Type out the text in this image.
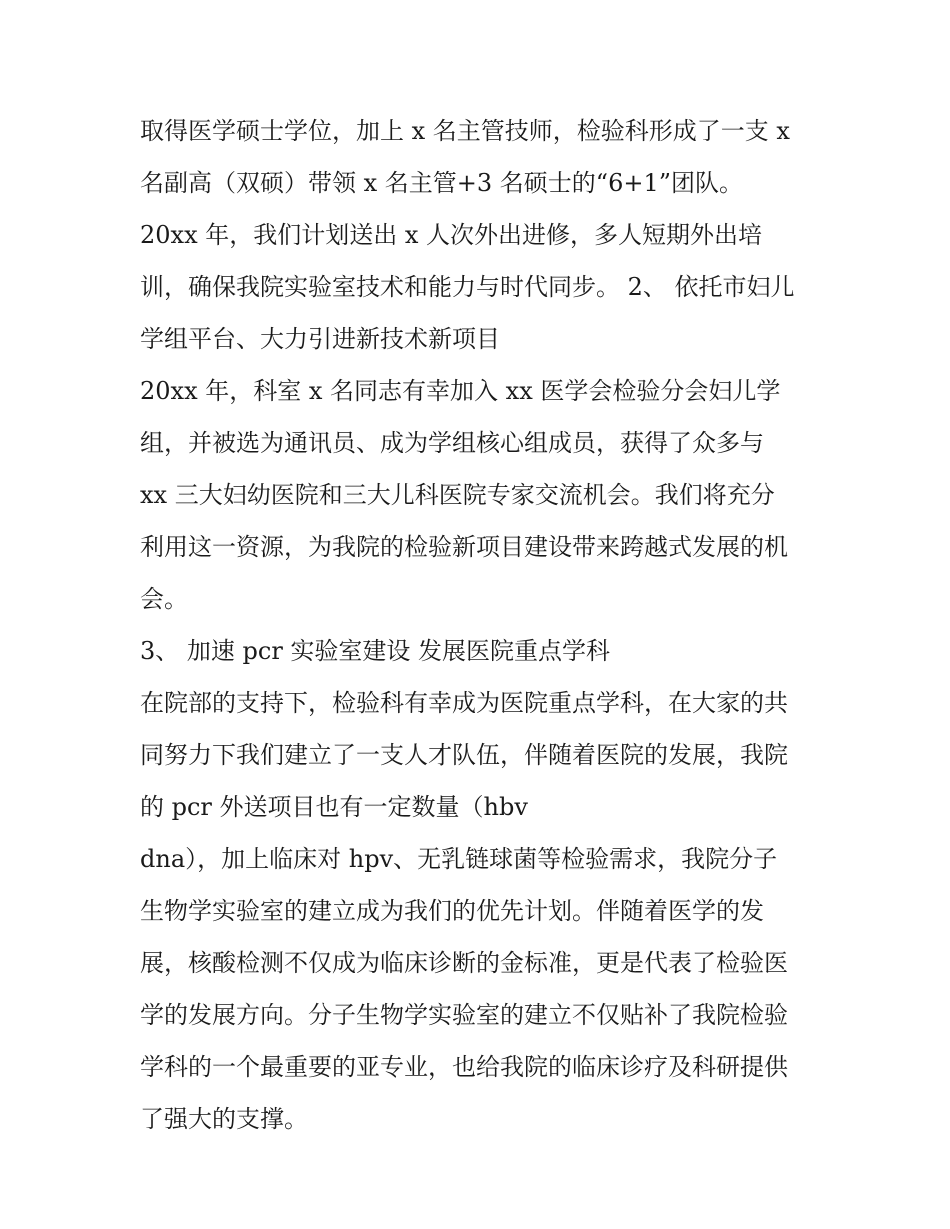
取得医学硕士学位，加上 x 名主管技师，检验科形成了一支 x
名副高（双硕）带领 x 名主管+3 名硕士的“6+1”团队。
20xx 年，我们计划送出 x 人次外出进修，多人短期外出培
训，确保我院实验室技术和能力与时代同步。 2、 依托市妇儿
学组平台、大力引进新技术新项目
20xx 年，科室 x 名同志有幸加入 xx 医学会检验分会妇儿学
组，并被选为通讯员、成为学组核心组成员，获得了众多与
xx 三大妇幼医院和三大儿科医院专家交流机会。我们将充分
利用这一资源，为我院的检验新项目建设带来跨越式发展的机
会。
3、 加速 pcr 实验室建设 发展医院重点学科
在院部的支持下，检验科有幸成为医院重点学科，在大家的共
同努力下我们建立了一支人才队伍，伴随着医院的发展，我院
的 pcr 外送项目也有一定数量（hbv
dna），加上临床对 hpv、无乳链球菌等检验需求，我院分子
生物学实验室的建立成为我们的优先计划。伴随着医学的发
展，核酸检测不仅成为临床诊断的金标准，更是代表了检验医
学的发展方向。分子生物学实验室的建立不仅贴补了我院检验
学科的一个最重要的亚专业，也给我院的临床诊疗及科研提供
了强大的支撑。
